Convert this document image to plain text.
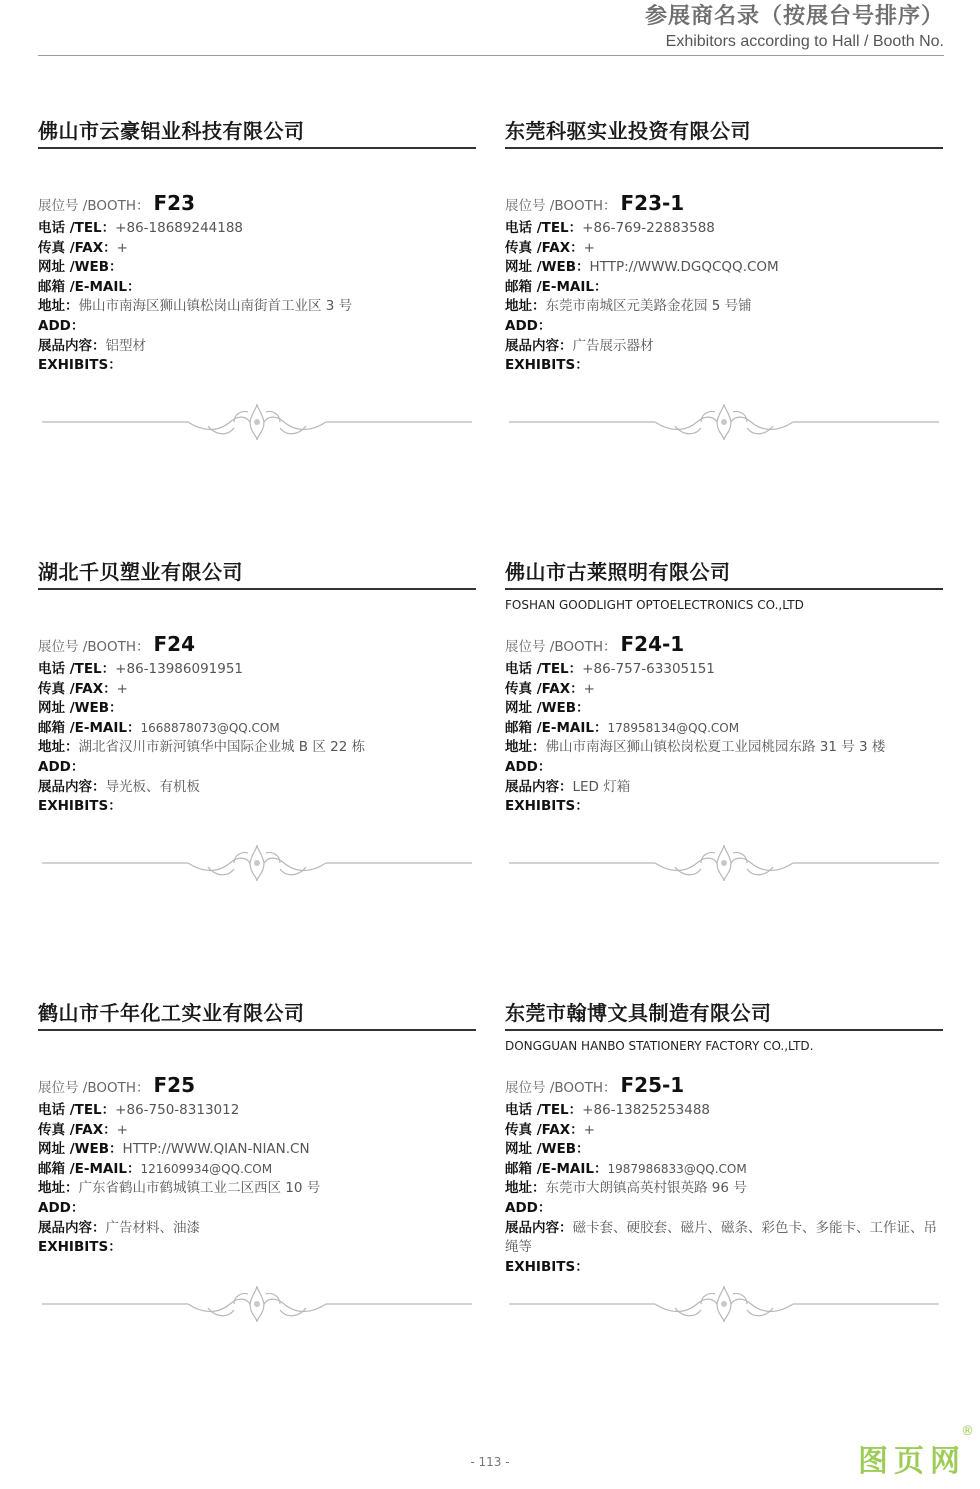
参展商名录（按展台号排序）
Exhibitors according to Hall / Booth No.
佛山市云豪铝业科技有限公司
展位号 /BOOTH： F23
电话 /TEL：+86-18689244188
传真 /FAX：+
网址 /WEB：
邮箱 /E-MAIL：
地址：佛山市南海区狮山镇松岗山南街首工业区 3 号
ADD：
展品内容：铝型材
EXHIBITS：
东莞科驱实业投资有限公司
展位号 /BOOTH： F23-1
电话 /TEL：+86-769-22883588
传真 /FAX：+
网址 /WEB：HTTP://WWW.DGQCQQ.COM
邮箱 /E-MAIL：
地址：东莞市南城区元美路金花园 5 号铺
ADD：
展品内容：广告展示器材
EXHIBITS：
湖北千贝塑业有限公司
展位号 /BOOTH： F24
电话 /TEL：+86-13986091951
传真 /FAX：+
网址 /WEB：
邮箱 /E-MAIL：1668878073@QQ.COM
地址：湖北省汉川市新河镇华中国际企业城 B 区 22 栋
ADD：
展品内容：导光板、有机板
EXHIBITS：
佛山市古莱照明有限公司
FOSHAN GOODLIGHT OPTOELECTRONICS CO.,LTD
展位号 /BOOTH： F24-1
电话 /TEL：+86-757-63305151
传真 /FAX：+
网址 /WEB：
邮箱 /E-MAIL：178958134@QQ.COM
地址：佛山市南海区狮山镇松岗松夏工业园桃园东路 31 号 3 楼
ADD：
展品内容：LED 灯箱
EXHIBITS：
鹤山市千年化工实业有限公司
展位号 /BOOTH： F25
电话 /TEL：+86-750-8313012
传真 /FAX：+
网址 /WEB：HTTP://WWW.QIAN-NIAN.CN
邮箱 /E-MAIL：121609934@QQ.COM
地址：广东省鹤山市鹤城镇工业二区西区 10 号
ADD：
展品内容：广告材料、油漆
EXHIBITS：
东莞市翰博文具制造有限公司
DONGGUAN HANBO STATIONERY FACTORY CO.,LTD.
展位号 /BOOTH： F25-1
电话 /TEL：+86-13825253488
传真 /FAX：+
网址 /WEB：
邮箱 /E-MAIL：1987986833@QQ.COM
地址：东莞市大朗镇高英村银英路 96 号
ADD：
展品内容：磁卡套、硬胶套、磁片、磁条、彩色卡、多能卡、工作证、吊绳等
EXHIBITS：
- 113 -	图页网
®
